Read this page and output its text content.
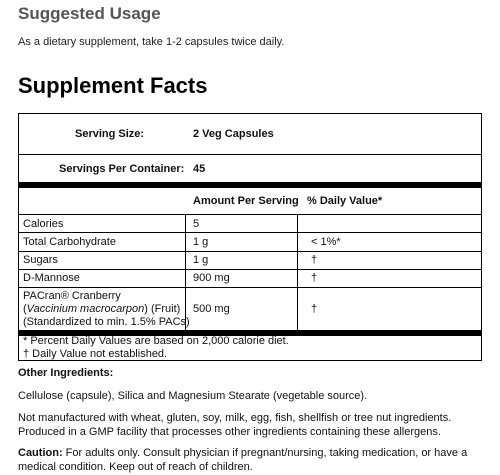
Suggested Usage
As a dietary supplement, take 1-2 capsules twice daily.
Supplement Facts
Serving Size:	2 Veg Capsules
Servings Per Container: 45
Amount Per Serving % Daily Value*
Calories	5
Total Carbohydrate	1 g	< 1%*
Sugars	1 g	†
D-Mannose	900 mg	†
PACran® Cranberry
(Vaccinium macrocarpon) (Fruit)
(Standardized to min. 1.5% PACs)
500 mg	†
* Percent Daily Values are based on 2,000 calorie diet.
† Daily Value not established.
Other Ingredients:
Cellulose (capsule), Silica and Magnesium Stearate (vegetable source).
Not manufactured with wheat, gluten, soy, milk, egg, fish, shellfish or tree nut ingredients. Produced in a GMP facility that processes other ingredients containing these allergens.
Caution: For adults only. Consult physician if pregnant/nursing, taking medication, or have a medical condition. Keep out of reach of children.
